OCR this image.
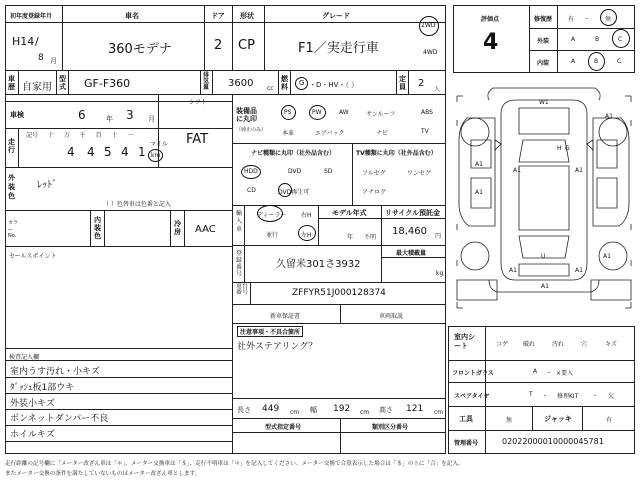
初年度登録年月	車名	ドア 形状	グレード
H14 /
8 月
360モデナ	2 CP	F1／実走行車
2WD
4WD
車歴 自家用
型式 GF-F360
排気量 3600 cc
燃料 G ・D・HV・（ ）
定員 2
人
車検	6	年 3 月
シフト
FAT
走行
記号 十 万 千 百 十 一
4 4 5 4 1
マイル
km
外装色
ﾚｯﾄﾞ
（ ）色替車は色番と記入
カラーNo.
内装色
冷房 AAC
セールスポイント
検査記入欄
室内うす汚れ・小キズ
ﾀﾞｯｼｭ板1部ウキ
外装小キズ
ボンネットダンパー不良
ホイルキズ
装備品に丸印
（純正のみ）
PS	PW	AW	サンルーフ	ABS
本革	エアバック	ナビ	TV
ナビ種類に丸印（社外品含む）
HDD	DVD	SD
CD	DVD再生可
TV種類に丸印（社外品含む）
フルセグ	ワンセグ
アナログ
輸入車
ディーラー
並行
右H
左H
モデル年式
年 不明
リサイクル預託金
18,460 円
登録番号
久留米301さ3932
最大積載量
kg
車台番号	ZFFYR51J000128374
新車保証書	車両取説
注意事項・不具合箇所
社外ステアリング？
長さ 449 cm 幅 192 cm 高さ 121 cm
型式指定番号	類別区分番号
評価点
4
修復歴	有 ・ 無
外装	A	B	C
内装	A	B	C
W1
A1
A1
A1	A1
A1
A1
A1	A1
A1
H G
U
室内シート	コゲ 破れ	汚れ	穴	キズ
フロントガラス	A ・ ×要入
スペアタイヤ	T ・ 修理KIT ・ 欠
工具	無	ジャッキ	有
管理番号	02022000010000045781
走行距離の記号欄に「メーター改ざん車は「＊」、メーター交換車は「＄」、走行不明車は「＊」を記入してください。メーター交換で合算表示した場合は「＄」の上に「合」を記入。
またメーター交換の条件を満たしていないものはメーター改ざん車とします。
